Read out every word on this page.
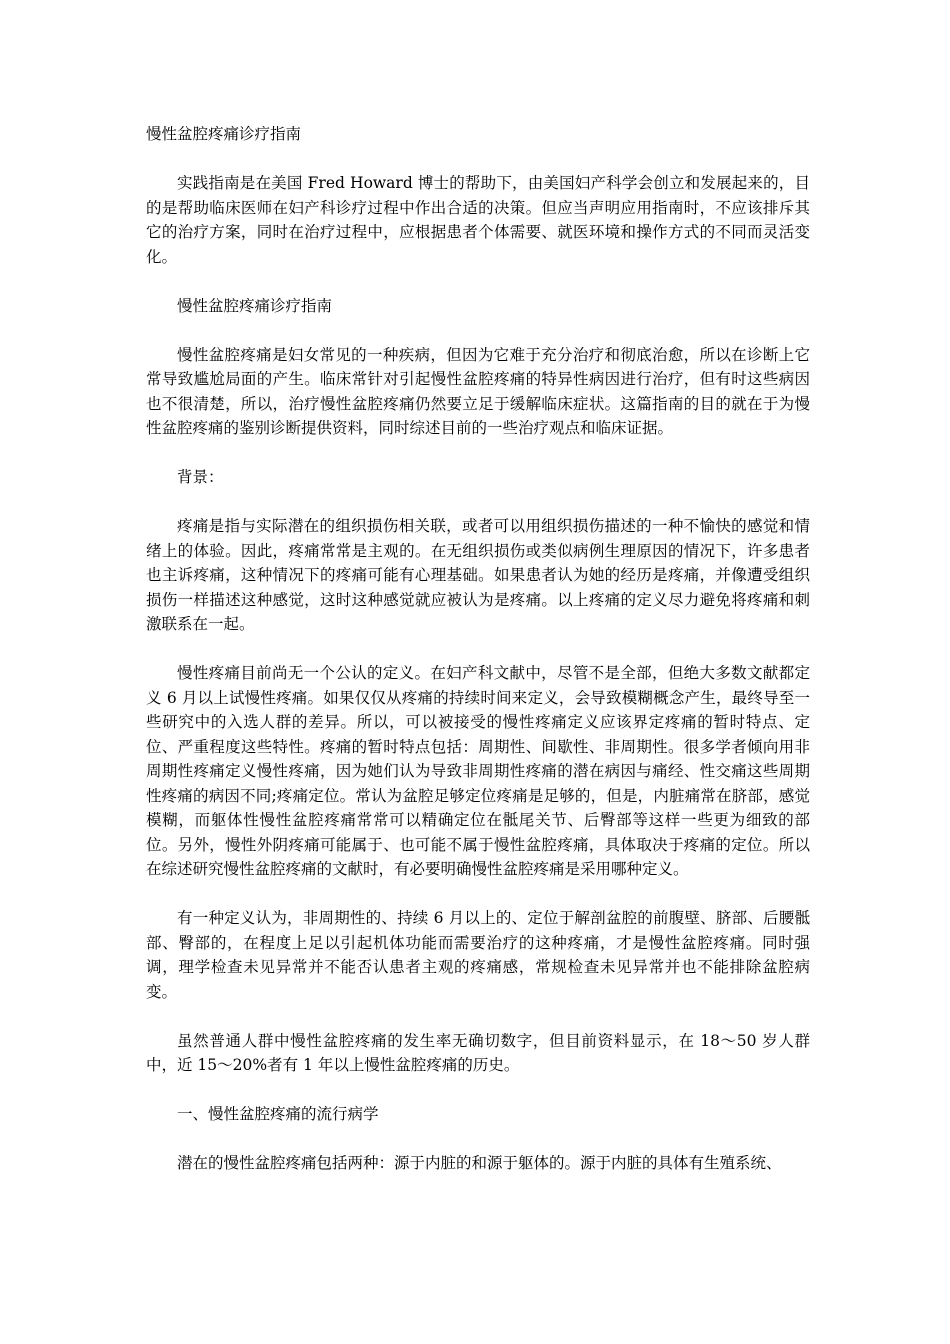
慢性盆腔疼痛诊疗指南

实践指南是在美国 Fred Howard 博士的帮助下，由美国妇产科学会创立和发展起来的，目的是帮助临床医师在妇产科诊疗过程中作出合适的决策。但应当声明应用指南时，不应该排斥其它的治疗方案，同时在治疗过程中，应根据患者个体需要、就医环境和操作方式的不同而灵活变化。

慢性盆腔疼痛诊疗指南

慢性盆腔疼痛是妇女常见的一种疾病，但因为它难于充分治疗和彻底治愈，所以在诊断上它常导致尴尬局面的产生。临床常针对引起慢性盆腔疼痛的特异性病因进行治疗，但有时这些病因也不很清楚，所以，治疗慢性盆腔疼痛仍然要立足于缓解临床症状。这篇指南的目的就在于为慢性盆腔疼痛的鉴别诊断提供资料，同时综述目前的一些治疗观点和临床证据。

背景：

疼痛是指与实际潜在的组织损伤相关联，或者可以用组织损伤描述的一种不愉快的感觉和情绪上的体验。因此，疼痛常常是主观的。在无组织损伤或类似病例生理原因的情况下，许多患者也主诉疼痛，这种情况下的疼痛可能有心理基础。如果患者认为她的经历是疼痛，并像遭受组织损伤一样描述这种感觉，这时这种感觉就应被认为是疼痛。以上疼痛的定义尽力避免将疼痛和刺激联系在一起。

慢性疼痛目前尚无一个公认的定义。在妇产科文献中，尽管不是全部，但绝大多数文献都定义 6 月以上试慢性疼痛。如果仅仅从疼痛的持续时间来定义，会导致模糊概念产生，最终导至一些研究中的入选人群的差异。所以，可以被接受的慢性疼痛定义应该界定疼痛的暂时特点、定位、严重程度这些特性。疼痛的暂时特点包括：周期性、间歇性、非周期性。很多学者倾向用非周期性疼痛定义慢性疼痛，因为她们认为导致非周期性疼痛的潜在病因与痛经、性交痛这些周期性疼痛的病因不同;疼痛定位。常认为盆腔足够定位疼痛是足够的，但是，内脏痛常在脐部，感觉模糊，而躯体性慢性盆腔疼痛常常可以精确定位在骶尾关节、后臀部等这样一些更为细致的部位。另外，慢性外阴疼痛可能属于、也可能不属于慢性盆腔疼痛，具体取决于疼痛的定位。所以在综述研究慢性盆腔疼痛的文献时，有必要明确慢性盆腔疼痛是采用哪种定义。

有一种定义认为，非周期性的、持续 6 月以上的、定位于解剖盆腔的前腹壁、脐部、后腰骶部、臀部的，在程度上足以引起机体功能而需要治疗的这种疼痛，才是慢性盆腔疼痛。同时强调，理学检查未见异常并不能否认患者主观的疼痛感，常规检查未见异常并也不能排除盆腔病变。

虽然普通人群中慢性盆腔疼痛的发生率无确切数字，但目前资料显示，在 18～50 岁人群中，近 15～20%者有 1 年以上慢性盆腔疼痛的历史。

一、慢性盆腔疼痛的流行病学

潜在的慢性盆腔疼痛包括两种：源于内脏的和源于躯体的。源于内脏的具体有生殖系统、
